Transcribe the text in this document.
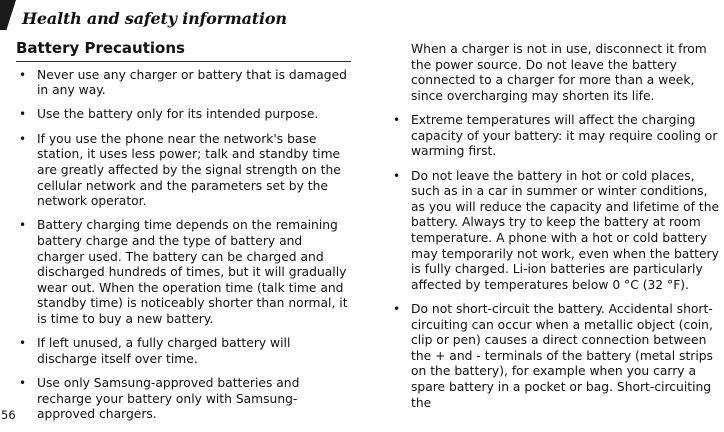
Health and safety information
Battery Precautions
• Never use any charger or battery that is damaged in any way.
• Use the battery only for its intended purpose.
• If you use the phone near the network's base station, it uses less power; talk and standby time are greatly affected by the signal strength on the cellular network and the parameters set by the network operator.
• Battery charging time depends on the remaining battery charge and the type of battery and charger used. The battery can be charged and discharged hundreds of times, but it will gradually wear out. When the operation time (talk time and standby time) is noticeably shorter than normal, it is time to buy a new battery.
• If left unused, a fully charged battery will discharge itself over time.
• Use only Samsung-approved batteries and recharge your battery only with Samsung-approved chargers.
When a charger is not in use, disconnect it from the power source. Do not leave the battery connected to a charger for more than a week, since overcharging may shorten its life.
• Extreme temperatures will affect the charging capacity of your battery: it may require cooling or warming first.
• Do not leave the battery in hot or cold places, such as in a car in summer or winter conditions, as you will reduce the capacity and lifetime of the battery. Always try to keep the battery at room temperature. A phone with a hot or cold battery may temporarily not work, even when the battery is fully charged. Li-ion batteries are particularly affected by temperatures below 0 °C (32 °F).
• Do not short-circuit the battery. Accidental short-circuiting can occur when a metallic object (coin, clip or pen) causes a direct connection between the + and - terminals of the battery (metal strips on the battery), for example when you carry a spare battery in a pocket or bag. Short-circuiting the
56
